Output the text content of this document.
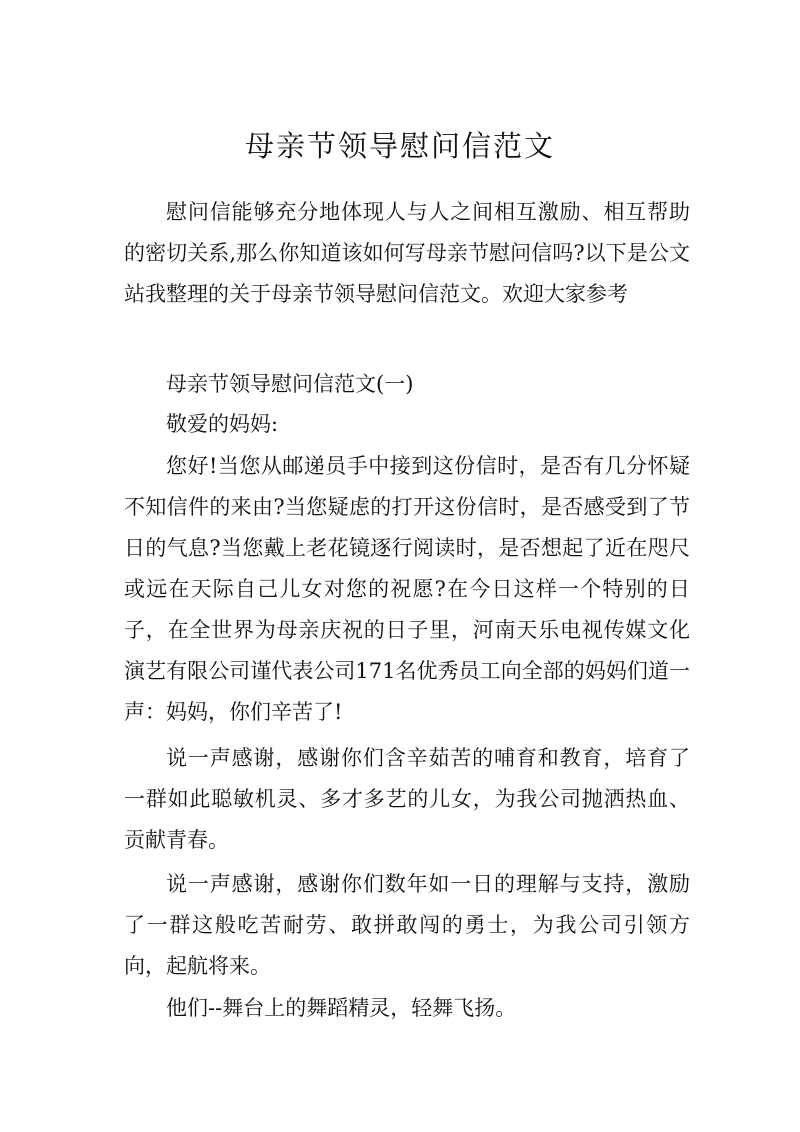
母亲节领导慰问信范文

慰问信能够充分地体现人与人之间相互激励、相互帮助的密切关系,那么你知道该如何写母亲节慰问信吗?以下是公文站我整理的关于母亲节领导慰问信范文。欢迎大家参考

母亲节领导慰问信范文(一)

敬爱的妈妈:

您好!当您从邮递员手中接到这份信时，是否有几分怀疑不知信件的来由?当您疑虑的打开这份信时，是否感受到了节日的气息?当您戴上老花镜逐行阅读时，是否想起了近在咫尺或远在天际自己儿女对您的祝愿?在今日这样一个特别的日子，在全世界为母亲庆祝的日子里，河南天乐电视传媒文化演艺有限公司谨代表公司171名优秀员工向全部的妈妈们道一声：妈妈，你们辛苦了!

说一声感谢，感谢你们含辛茹苦的哺育和教育，培育了一群如此聪敏机灵、多才多艺的儿女，为我公司抛洒热血、贡献青春。

说一声感谢，感谢你们数年如一日的理解与支持，激励了一群这般吃苦耐劳、敢拼敢闯的勇士，为我公司引领方向，起航将来。

他们--舞台上的舞蹈精灵，轻舞飞扬。
